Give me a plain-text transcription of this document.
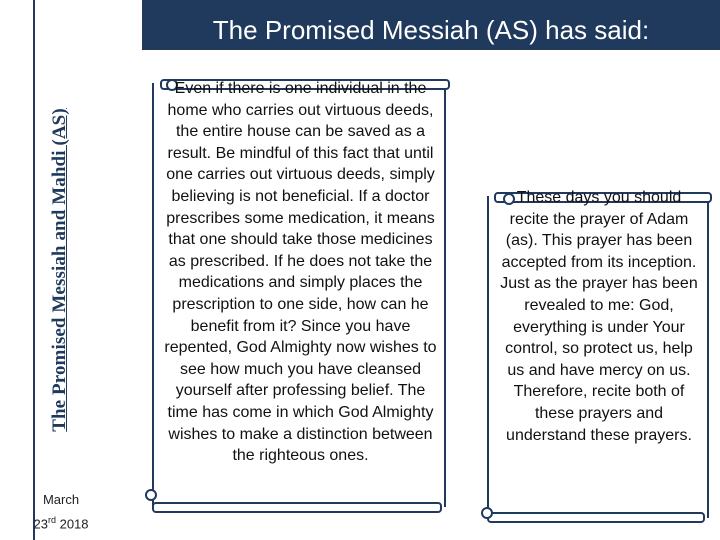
The Promised Messiah and Mahdi (AS)
March
23rd 2018
The Promised Messiah (AS) has said:
Even if there is one individual in the home who carries out virtuous deeds, the entire house can be saved as a result. Be mindful of this fact that until one carries out virtuous deeds, simply believing is not beneficial. If a doctor prescribes some medication, it means that one should take those medicines as prescribed. If he does not take the medications and simply places the prescription to one side, how can he benefit from it? Since you have repented, God Almighty now wishes to see how much you have cleansed yourself after professing belief. The time has come in which God Almighty wishes to make a distinction between the righteous ones.
These days you should recite the prayer of Adam (as). This prayer has been accepted from its inception. Just as the prayer has been revealed to me: God, everything is under Your control, so protect us, help us and have mercy on us. Therefore, recite both of these prayers and understand these prayers.
